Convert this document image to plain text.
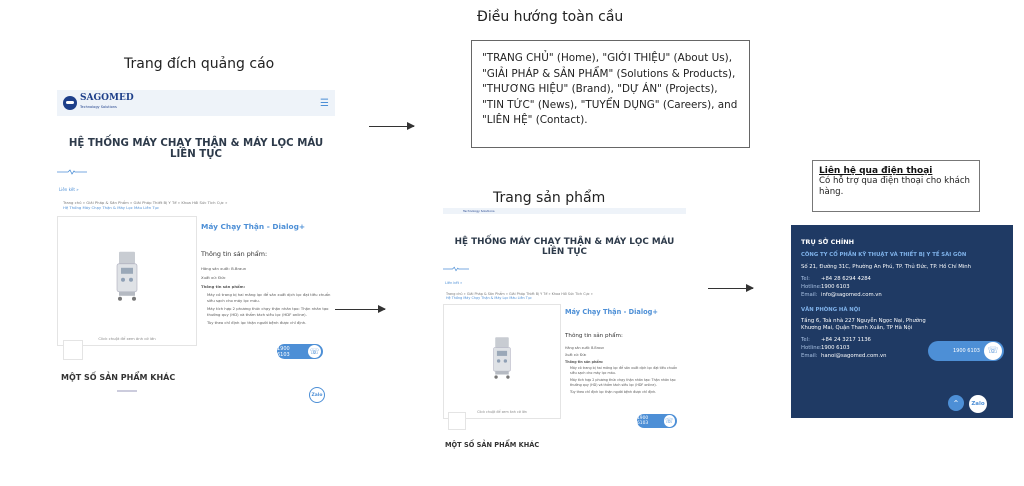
Điều hướng toàn cầu
Trang đích quảng cáo
Trang sản phẩm
"TRANG CHỦ" (Home), "GIỚI THIỆU" (About Us), "GIẢI PHÁP & SẢN PHẨM" (Solutions & Products), "THƯƠNG HIỆU" (Brand), "DỰ ÁN" (Projects), "TIN TỨC" (News), "TUYỂN DỤNG" (Careers), and "LIÊN HỆ" (Contact).
Liên hệ qua điện thoại
Có hỗ trợ qua điện thoại cho khách hàng.
SAGOMED
Technology Solutions	☰
HỆ THỐNG MÁY CHẠY THẬN & MÁY LỌC MÁU LIÊN TỤC
Liên kết »
Trang chủ » Giải Pháp & Sản Phẩm » Giải Pháp Thiết Bị Y Tế » Khoa Hồi Sức Tích Cực »
Hệ Thống Máy Chạy Thận & Máy Lọc Máu Liên Tục
Click chuột để xem ảnh cỡ lớn
Máy Chạy Thận - Dialog+
Thông tin sản phẩm:
Hãng sản xuất: B.Braun
Xuất xứ: Đức
Thông tin sản phẩm:
Máy có trang bị hai mảng lọc để sản xuất dịch lọc đạt tiêu chuẩn siêu sạch cho máy lọc máu.
Máy tích hợp 2 phương thức chạy thận nhân tạo: Thận nhân tạo thường quy (HD) và thẩm tách siêu lọc (HDF online).
Tùy theo chỉ định lọc thận người bệnh được chỉ định.
1900 6103	☏
MỘT SỐ SẢN PHẨM KHÁC
Zalo
Technology Solutions
HỆ THỐNG MÁY CHẠY THẬN & MÁY LỌC MÁU LIÊN TỤC
Liên kết »
Trang chủ » Giải Pháp & Sản Phẩm » Giải Pháp Thiết Bị Y Tế » Khoa Hồi Sức Tích Cực »
Hệ Thống Máy Chạy Thận & Máy Lọc Máu Liên Tục
Click chuột để xem ảnh cỡ lớn
Máy Chạy Thận - Dialog+
Thông tin sản phẩm:
Hãng sản xuất: B.Braun
Xuất xứ: Đức
Thông tin sản phẩm:
Máy có trang bị hai mảng lọc để sản xuất dịch lọc đạt tiêu chuẩn siêu sạch cho máy lọc máu.
Máy tích hợp 2 phương thức chạy thận nhân tạo: Thận nhân tạo thường quy (HD) và thẩm tách siêu lọc (HDF online).
Tùy theo chỉ định lọc thận người bệnh được chỉ định.
1900 6103	☏
MỘT SỐ SẢN PHẨM KHÁC
TRỤ SỞ CHÍNH
CÔNG TY CỔ PHẦN KỸ THUẬT VÀ THIẾT BỊ Y TẾ SÀI GÒN
Số 21, Đường 31C, Phường An Phú, TP. Thủ Đức, TP. Hồ Chí Minh
Tel:	+84 28 6294 4284
Hotline: 1900 6103
Email: info@sagomed.com.vn
VĂN PHÒNG HÀ NỘI
Tầng 6, Toà nhà 227 Nguyễn Ngọc Nại, Phường Khương Mai, Quận Thanh Xuân, TP Hà Nội
Tel:	+84 24 3217 1136
Hotline: 1900 6103
Email: hanoi@sagomed.com.vn
1900 6103 ☏
⌃	Zalo
